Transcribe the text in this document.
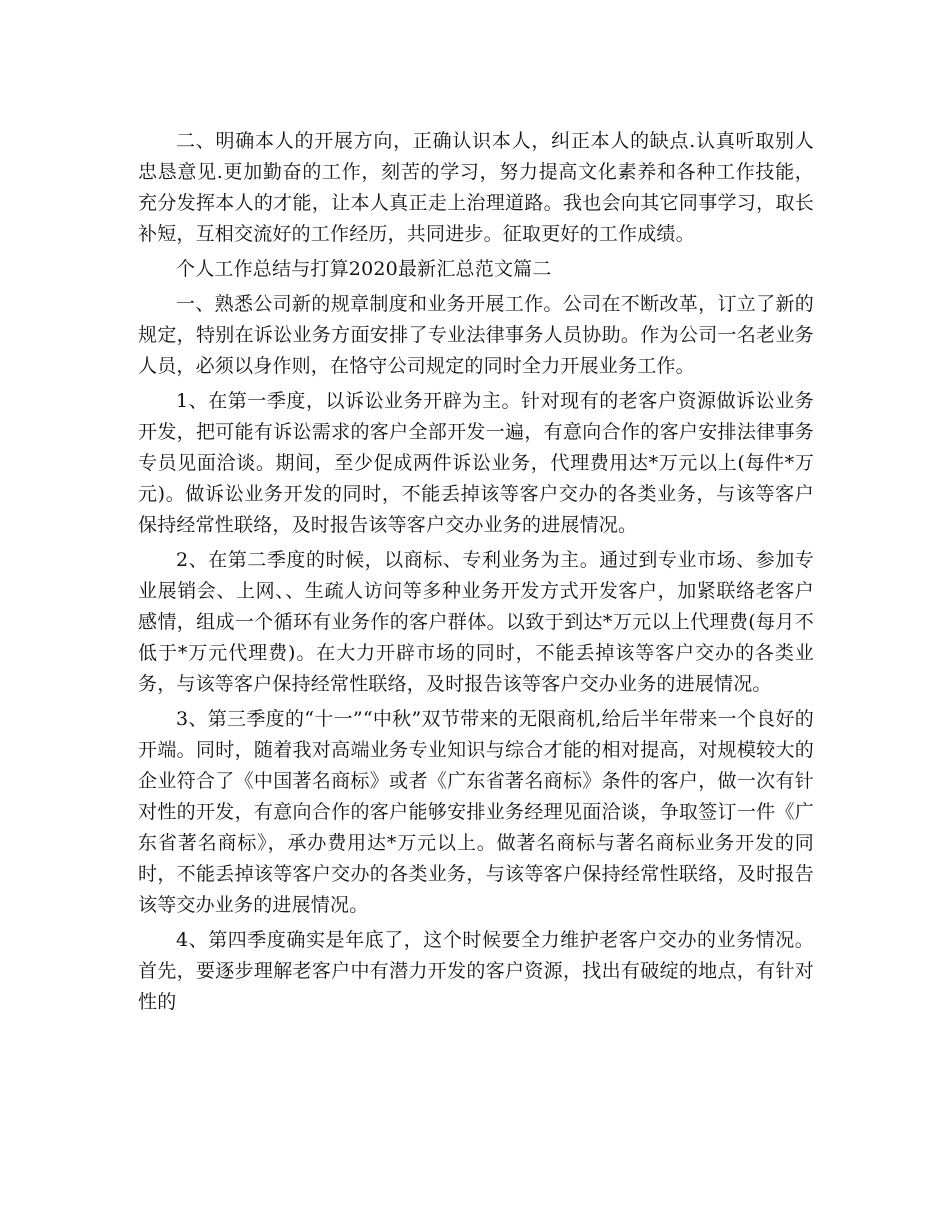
二、明确本人的开展方向，正确认识本人，纠正本人的缺点.认真听取别人忠恳意见.更加勤奋的工作，刻苦的学习，努力提高文化素养和各种工作技能，充分发挥本人的才能，让本人真正走上治理道路。我也会向其它同事学习，取长补短，互相交流好的工作经历，共同进步。征取更好的工作成绩。

个人工作总结与打算2020最新汇总范文篇二

一、熟悉公司新的规章制度和业务开展工作。公司在不断改革，订立了新的规定，特别在诉讼业务方面安排了专业法律事务人员协助。作为公司一名老业务人员，必须以身作则，在恪守公司规定的同时全力开展业务工作。

1、在第一季度，以诉讼业务开辟为主。针对现有的老客户资源做诉讼业务开发，把可能有诉讼需求的客户全部开发一遍，有意向合作的客户安排法律事务专员见面洽谈。期间，至少促成两件诉讼业务，代理费用达*万元以上(每件*万元)。做诉讼业务开发的同时，不能丢掉该等客户交办的各类业务，与该等客户保持经常性联络，及时报告该等客户交办业务的进展情况。

2、在第二季度的时候，以商标、专利业务为主。通过到专业市场、参加专业展销会、上网、、生疏人访问等多种业务开发方式开发客户，加紧联络老客户感情，组成一个循环有业务作的客户群体。以致于到达*万元以上代理费(每月不低于*万元代理费)。在大力开辟市场的同时，不能丢掉该等客户交办的各类业务，与该等客户保持经常性联络，及时报告该等客户交办业务的进展情况。

3、第三季度的“十一”“中秋”双节带来的无限商机,给后半年带来一个良好的开端。同时，随着我对高端业务专业知识与综合才能的相对提高，对规模较大的企业符合了《中国著名商标》或者《广东省著名商标》条件的客户，做一次有针对性的开发，有意向合作的客户能够安排业务经理见面洽谈，争取签订一件《广东省著名商标》，承办费用达*万元以上。做著名商标与著名商标业务开发的同时，不能丢掉该等客户交办的各类业务，与该等客户保持经常性联络，及时报告该等交办业务的进展情况。

4、第四季度确实是年底了，这个时候要全力维护老客户交办的业务情况。首先，要逐步理解老客户中有潜力开发的客户资源，找出有破绽的地点，有针对性的
